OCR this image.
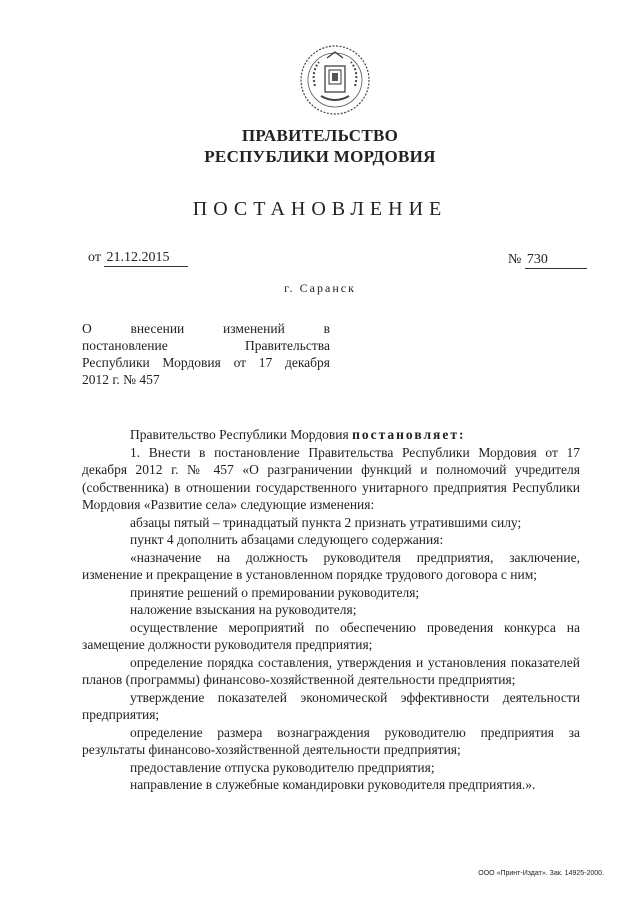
ПРАВИТЕЛЬСТВО
РЕСПУБЛИКИ МОРДОВИЯ
ПОСТАНОВЛЕНИЕ
от 21.12.2015	№ 730
г. Саранск
О внесении изменений в
постановление Правительства
Республики Мордовия от 17 декабря
2012 г. № 457

Правительство Республики Мордовия постановляет:

1. Внести в постановление Правительства Республики Мордовия от 17 декабря 2012 г. № 457 «О разграничении функций и полномочий учредителя (собственника) в отношении государственного унитарного предприятия Республики Мордовия «Развитие села» следующие изменения:

абзацы пятый – тринадцатый пункта 2 признать утратившими силу;

пункт 4 дополнить абзацами следующего содержания:

«назначение на должность руководителя предприятия, заключение, изменение и прекращение в установленном порядке трудового договора с ним;

принятие решений о премировании руководителя;

наложение взыскания на руководителя;

осуществление мероприятий по обеспечению проведения конкурса на замещение должности руководителя предприятия;

определение порядка составления, утверждения и установления показателей планов (программы) финансово-хозяйственной деятельности предприятия;

утверждение показателей экономической эффективности деятельности предприятия;

определение размера вознаграждения руководителю предприятия за результаты финансово-хозяйственной деятельности предприятия;

предоставление отпуска руководителю предприятия;

направление в служебные командировки руководителя предприятия.».

ООО «Принт-Издат». Зак. 14925-2000.
